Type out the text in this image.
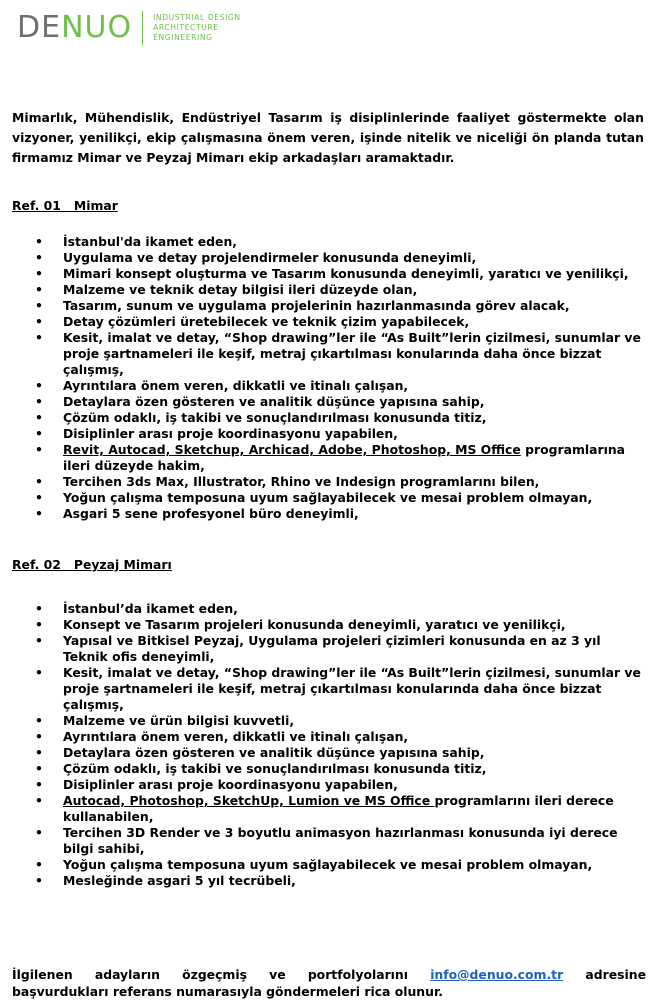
DENUO	INDUSTRIAL DESIGN
ARCHITECTURE
ENGINEERING
Mimarlık, Mühendislik, Endüstriyel Tasarım iş disiplinlerinde faaliyet göstermekte olan vizyoner, yenilikçi, ekip çalışmasına önem veren, işinde nitelik ve niceliği ön planda tutan firmamız Mimar ve Peyzaj Mimarı ekip arkadaşları aramaktadır.
Ref. 01   Mimar
• İstanbul'da ikamet eden,
• Uygulama ve detay projelendirmeler konusunda deneyimli,
• Mimari konsept oluşturma ve Tasarım konusunda deneyimli, yaratıcı ve yenilikçi,
• Malzeme ve teknik detay bilgisi ileri düzeyde olan,
• Tasarım, sunum ve uygulama projelerinin hazırlanmasında görev alacak,
• Detay çözümleri üretebilecek ve teknik çizim yapabilecek,
• Kesit, imalat ve detay, “Shop drawing”ler ile “As Built”lerin çizilmesi, sunumlar ve proje şartnameleri ile keşif, metraj çıkartılması konularında daha önce bizzat çalışmış,
• Ayrıntılara önem veren, dikkatli ve itinalı çalışan,
• Detaylara özen gösteren ve analitik düşünce yapısına sahip,
• Çözüm odaklı, iş takibi ve sonuçlandırılması konusunda titiz,
• Disiplinler arası proje koordinasyonu yapabilen,
• Revit, Autocad, Sketchup, Archicad, Adobe, Photoshop, MS Office programlarına ileri düzeyde hakim,
• Tercihen 3ds Max, Illustrator, Rhino ve Indesign programlarını bilen,
• Yoğun çalışma temposuna uyum sağlayabilecek ve mesai problem olmayan,
• Asgari 5 sene profesyonel büro deneyimli,
Ref. 02   Peyzaj Mimarı
• İstanbul’da ikamet eden,
• Konsept ve Tasarım projeleri konusunda deneyimli, yaratıcı ve yenilikçi,
• Yapısal ve Bitkisel Peyzaj, Uygulama projeleri çizimleri konusunda en az 3 yıl Teknik ofis deneyimli,
• Kesit, imalat ve detay, “Shop drawing”ler ile “As Built”lerin çizilmesi, sunumlar ve proje şartnameleri ile keşif, metraj çıkartılması konularında daha önce bizzat çalışmış,
• Malzeme ve ürün bilgisi kuvvetli,
• Ayrıntılara önem veren, dikkatli ve itinalı çalışan,
• Detaylara özen gösteren ve analitik düşünce yapısına sahip,
• Çözüm odaklı, iş takibi ve sonuçlandırılması konusunda titiz,
• Disiplinler arası proje koordinasyonu yapabilen,
• Autocad, Photoshop, SketchUp, Lumion ve MS Office programlarını ileri derece kullanabilen,
• Tercihen 3D Render ve 3 boyutlu animasyon hazırlanması konusunda iyi derece bilgi sahibi,
• Yoğun çalışma temposuna uyum sağlayabilecek ve mesai problem olmayan,
• Mesleğinde asgari 5 yıl tecrübeli,
İlgilenen adayların özgeçmiş ve portfolyolarını info@denuo.com.tr adresine
başvurdukları referans numarasıyla göndermeleri rica olunur.
